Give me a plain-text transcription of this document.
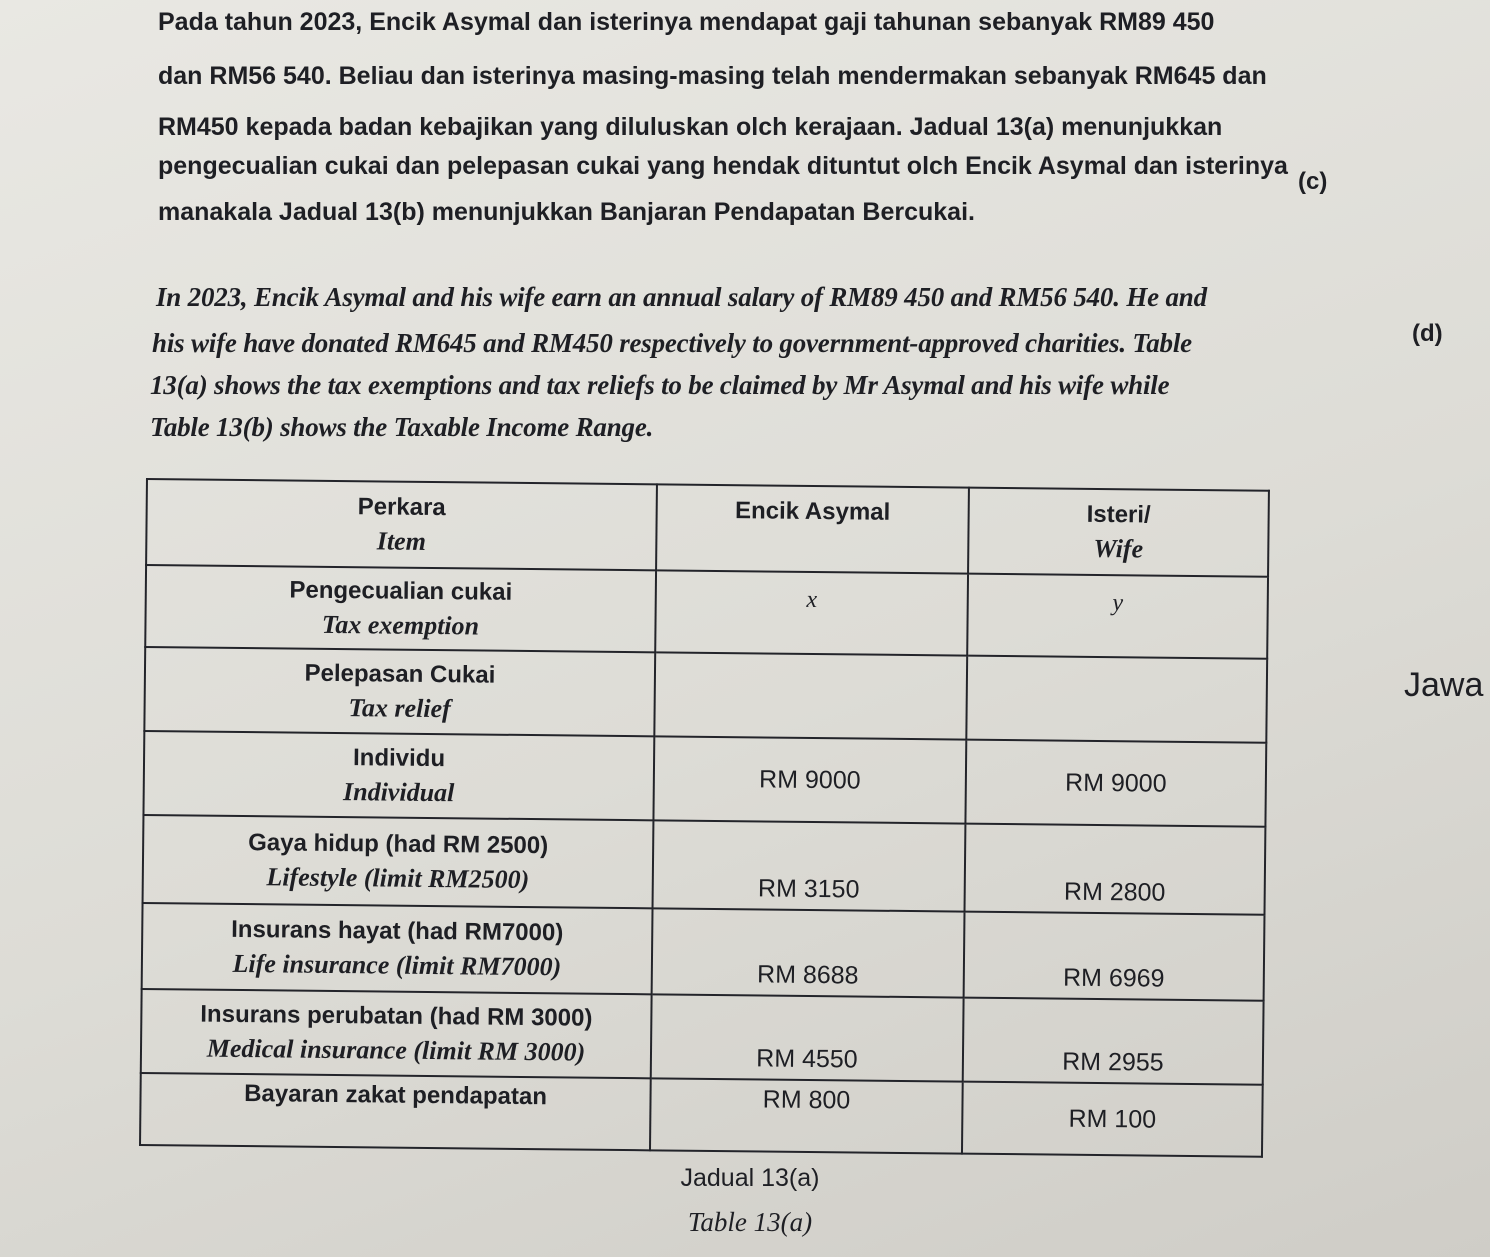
Pada tahun 2023, Encik Asymal dan isterinya mendapat gaji tahunan sebanyak RM89 450
dan RM56 540. Beliau dan isterinya masing-masing telah mendermakan sebanyak RM645 dan
RM450 kepada badan kebajikan yang diluluskan olch kerajaan. Jadual 13(a) menunjukkan
pengecualian cukai dan pelepasan cukai yang hendak dituntut olch Encik Asymal dan isterinya
manakala Jadual 13(b) menunjukkan Banjaran Pendapatan Bercukai.
(c)
In 2023, Encik Asymal and his wife earn an annual salary of RM89 450 and RM56 540. He and
his wife have donated RM645 and RM450 respectively to government-approved charities. Table
13(a) shows the tax exemptions and tax reliefs to be claimed by Mr Asymal and his wife while
Table 13(b) shows the Taxable Income Range.
(d)
Jawa
Perkara
Item	Encik Asymal	Isteri/
Wife

Pengecualian cukai
Tax exemption	x	y

Pelepasan Cukai
Tax relief		

Individu
Individual	RM 9000	RM 9000

Gaya hidup (had RM 2500)
Lifestyle (limit RM2500)	RM 3150	RM 2800

Insurans hayat (had RM7000)
Life insurance (limit RM7000)	RM 8688	RM 6969

Insurans perubatan (had RM 3000)
Medical insurance (limit RM 3000)	RM 4550	RM 2955

Bayaran zakat pendapatan	RM 800	RM 100
Jadual 13(a)
Table 13(a)
